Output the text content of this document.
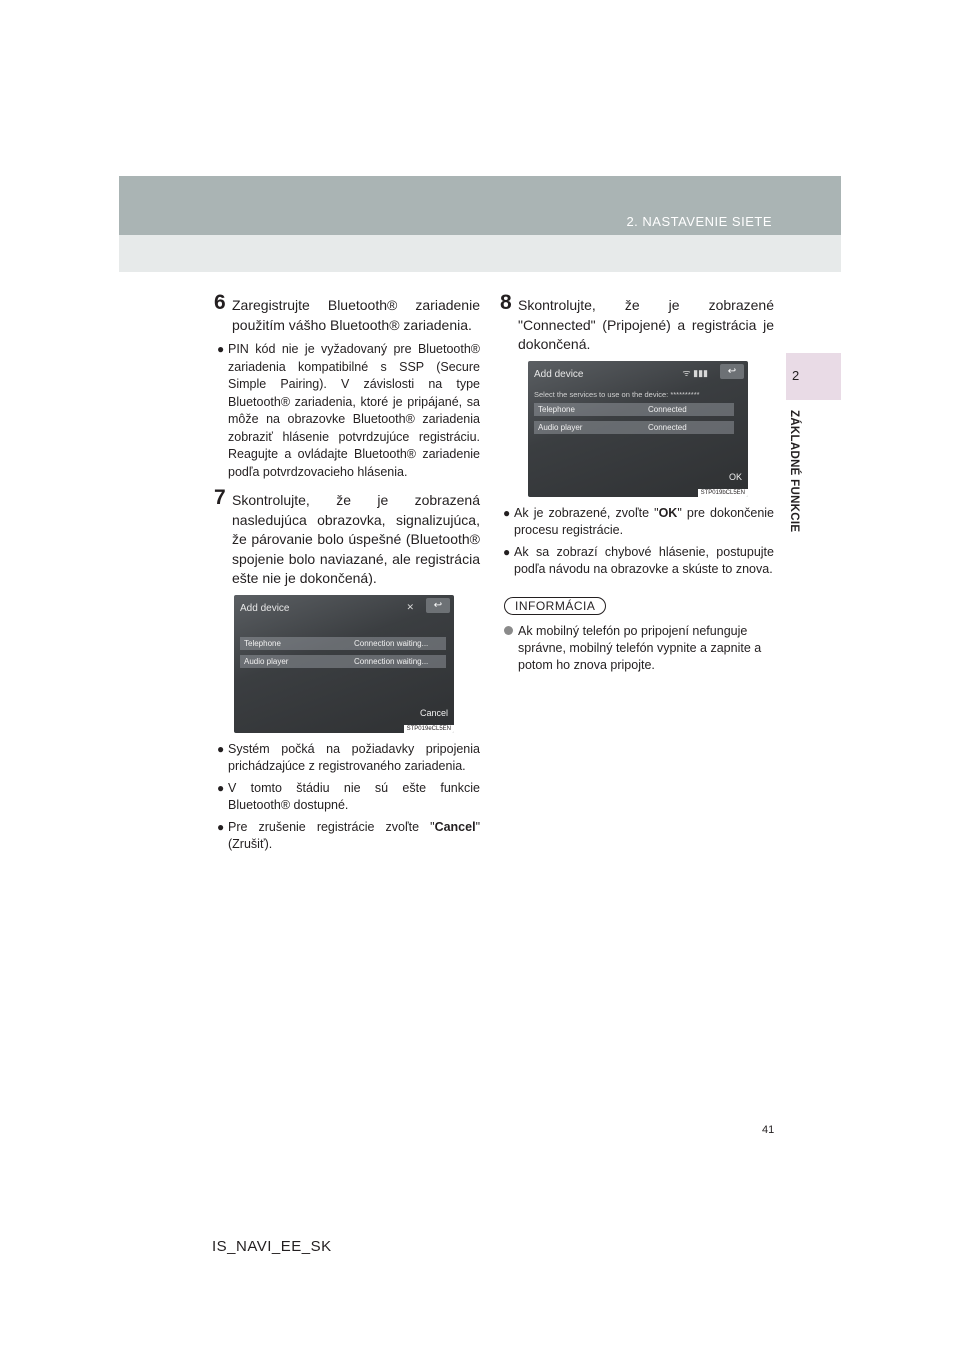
2. NASTAVENIE SIETE
2
ZÁKLADNÉ FUNKCIE
6 Zaregistrujte Bluetooth® zariadenie použitím vášho Bluetooth® zariadenia.
● PIN kód nie je vyžadovaný pre Bluetooth® zariadenia kompatibilné s SSP (Secure Simple Pairing). V závislosti na type Bluetooth® zariadenia, ktoré je pripájané, sa môže na obrazovke Bluetooth® zariadenia zobraziť hlásenie potvrdzujúce registráciu. Reagujte a ovládajte Bluetooth® zariadenie podľa potvrdzovacieho hlásenia.
7 Skontrolujte, že je zobrazená nasledujúca obrazovka, signalizujúca, že párovanie bolo úspešné (Bluetooth® spojenie bolo naviazané, ale registrácia ešte nie je dokončená).
Add device	✕	↩
Telephone	Connection waiting...
Audio player	Connection waiting...
Cancel
STP019eCL5EN
● Systém počká na požiadavky pripojenia prichádzajúce z registrovaného zariadenia.
● V tomto štádiu nie sú ešte funkcie Bluetooth® dostupné.
● Pre zrušenie registrácie zvoľte "Cancel" (Zrušiť).
8 Skontrolujte, že je zobrazené "Connected" (Pripojené) a registrácia je dokončená.
Add device	ᯤ ▮▮▮	↩
Select the services to use on the device: **********
Telephone	Connected
Audio player	Connected
OK
STP019bCL5EN
● Ak je zobrazené, zvoľte "OK" pre dokončenie procesu registrácie.
● Ak sa zobrazí chybové hlásenie, postupujte podľa návodu na obrazovke a skúste to znova.
INFORMÁCIA
Ak mobilný telefón po pripojení nefunguje správne, mobilný telefón vypnite a zapnite a potom ho znova pripojte.
41
IS_NAVI_EE_SK
